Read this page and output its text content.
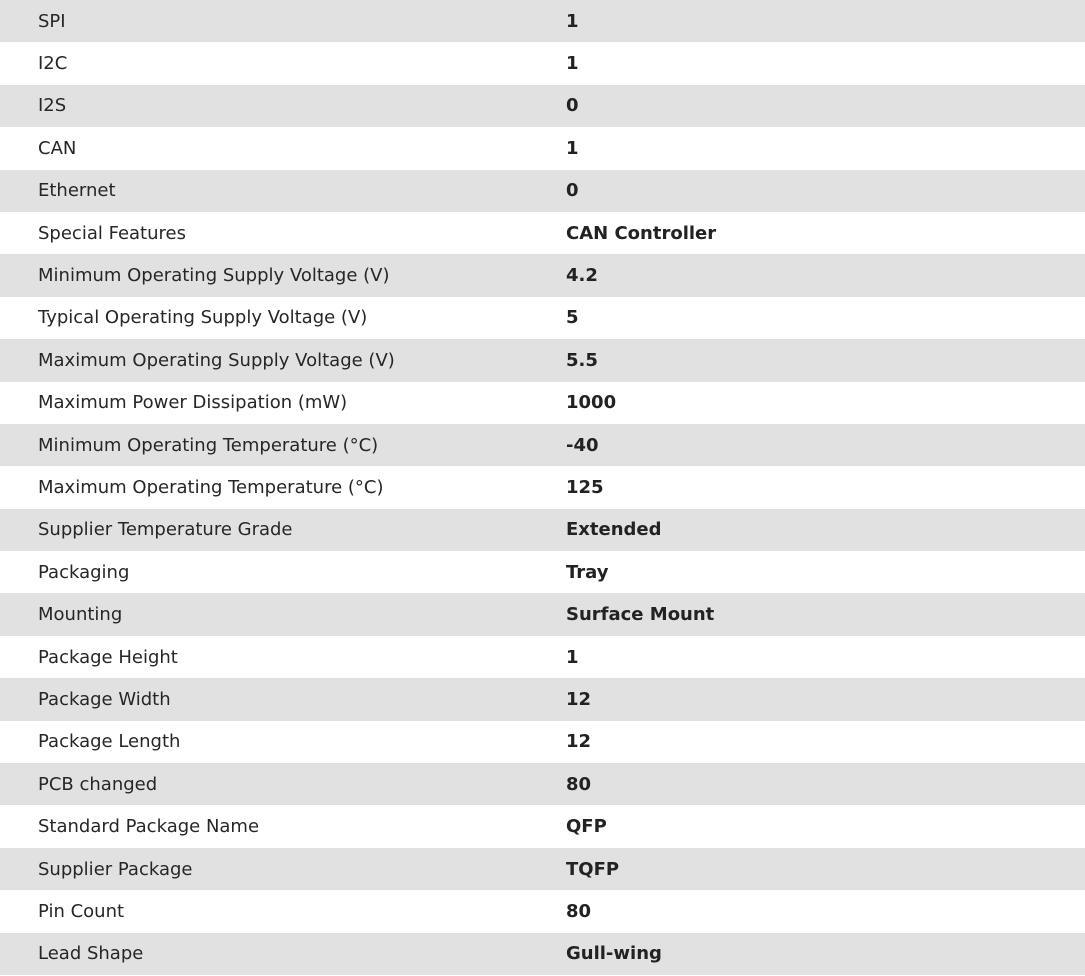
SPI	1
I2C	1
I2S	0
CAN	1
Ethernet	0
Special Features	CAN Controller
Minimum Operating Supply Voltage (V)	4.2
Typical Operating Supply Voltage (V)	5
Maximum Operating Supply Voltage (V)	5.5
Maximum Power Dissipation (mW)	1000
Minimum Operating Temperature (°C)	-40
Maximum Operating Temperature (°C)	125
Supplier Temperature Grade	Extended
Packaging	Tray
Mounting	Surface Mount
Package Height	1
Package Width	12
Package Length	12
PCB changed	80
Standard Package Name	QFP
Supplier Package	TQFP
Pin Count	80
Lead Shape	Gull-wing
